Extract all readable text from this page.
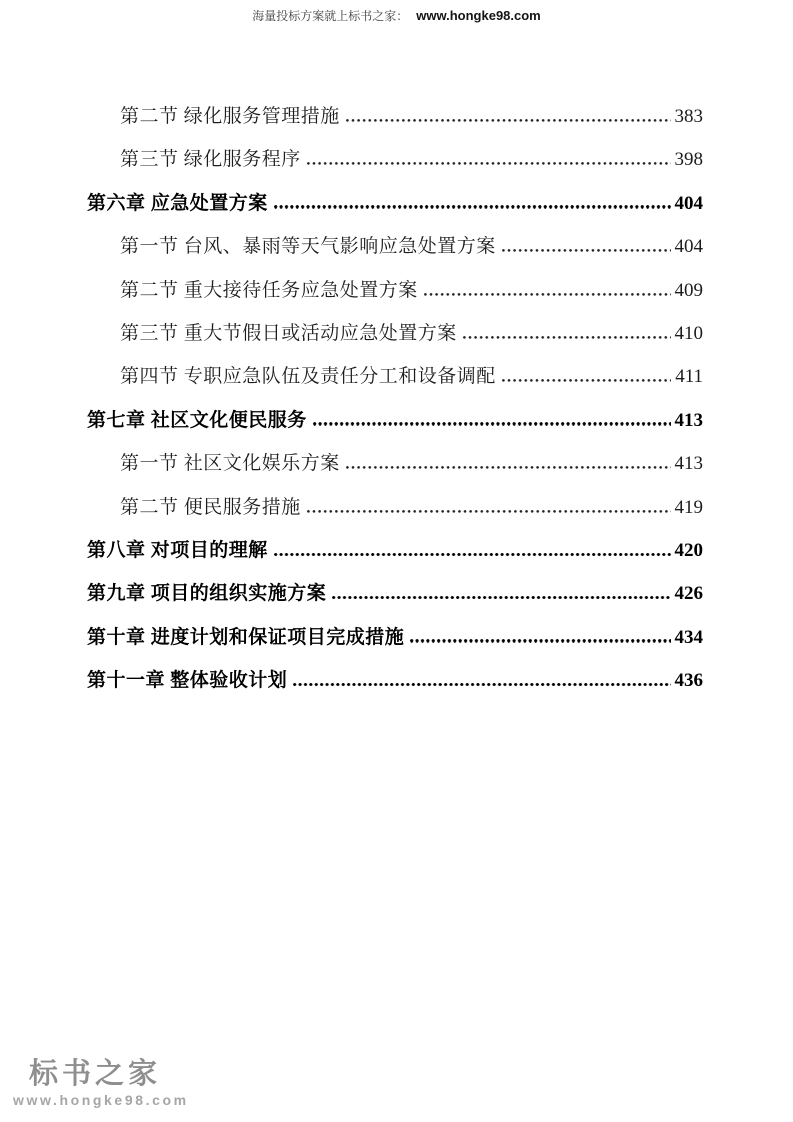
海量投标方案就上标书之家： www.hongke98.com
第二节 绿化服务管理措施	383
第三节 绿化服务程序	398
第六章 应急处置方案	404
第一节 台风、暴雨等天气影响应急处置方案	404
第二节 重大接待任务应急处置方案	409
第三节 重大节假日或活动应急处置方案	410
第四节 专职应急队伍及责任分工和设备调配	411
第七章 社区文化便民服务	413
第一节 社区文化娱乐方案	413
第二节 便民服务措施	419
第八章 对项目的理解	420
第九章 项目的组织实施方案	426
第十章 进度计划和保证项目完成措施	434
第十一章 整体验收计划	436
标书之家
www.hongke98.com
